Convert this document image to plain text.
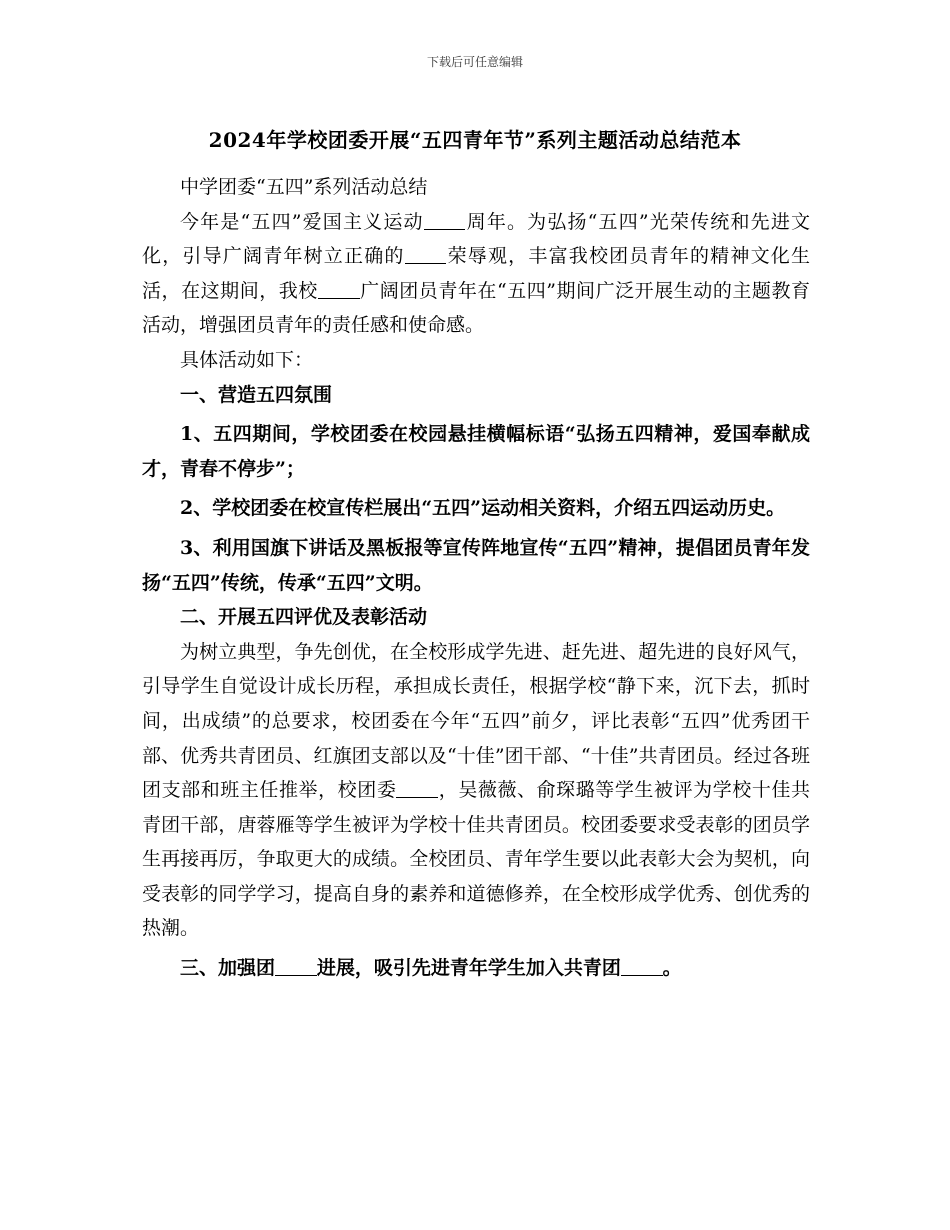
下载后可任意编辑
2024年学校团委开展“五四青年节”系列主题活动总结范本

中学团委“五四”系列活动总结

今年是“五四”爱国主义运动 周年。为弘扬“五四”光荣传统和先进文化，引导广阔青年树立正确的 荣辱观，丰富我校团员青年的精神文化生活，在这期间，我校 广阔团员青年在“五四”期间广泛开展生动的主题教育活动，增强团员青年的责任感和使命感。

具体活动如下：

一、营造五四氛围

1、五四期间，学校团委在校园悬挂横幅标语“弘扬五四精神，爱国奉献成才，青春不停步”；

2、学校团委在校宣传栏展出“五四”运动相关资料，介绍五四运动历史。

3、利用国旗下讲话及黑板报等宣传阵地宣传“五四”精神，提倡团员青年发扬“五四”传统，传承“五四”文明。

二、开展五四评优及表彰活动

为树立典型，争先创优，在全校形成学先进、赶先进、超先进的良好风气，引导学生自觉设计成长历程，承担成长责任，根据学校“静下来，沉下去，抓时间，出成绩”的总要求，校团委在今年“五四”前夕，评比表彰“五四”优秀团干部、优秀共青团员、红旗团支部以及“十佳”团干部、“十佳”共青团员。经过各班团支部和班主任推举，校团委 ，吴薇薇、俞琛璐等学生被评为学校十佳共青团干部，唐蓉雁等学生被评为学校十佳共青团员。校团委要求受表彰的团员学生再接再厉，争取更大的成绩。全校团员、青年学生要以此表彰大会为契机，向受表彰的同学学习，提高自身的素养和道德修养，在全校形成学优秀、创优秀的热潮。

三、加强团 进展，吸引先进青年学生加入共青团 。
